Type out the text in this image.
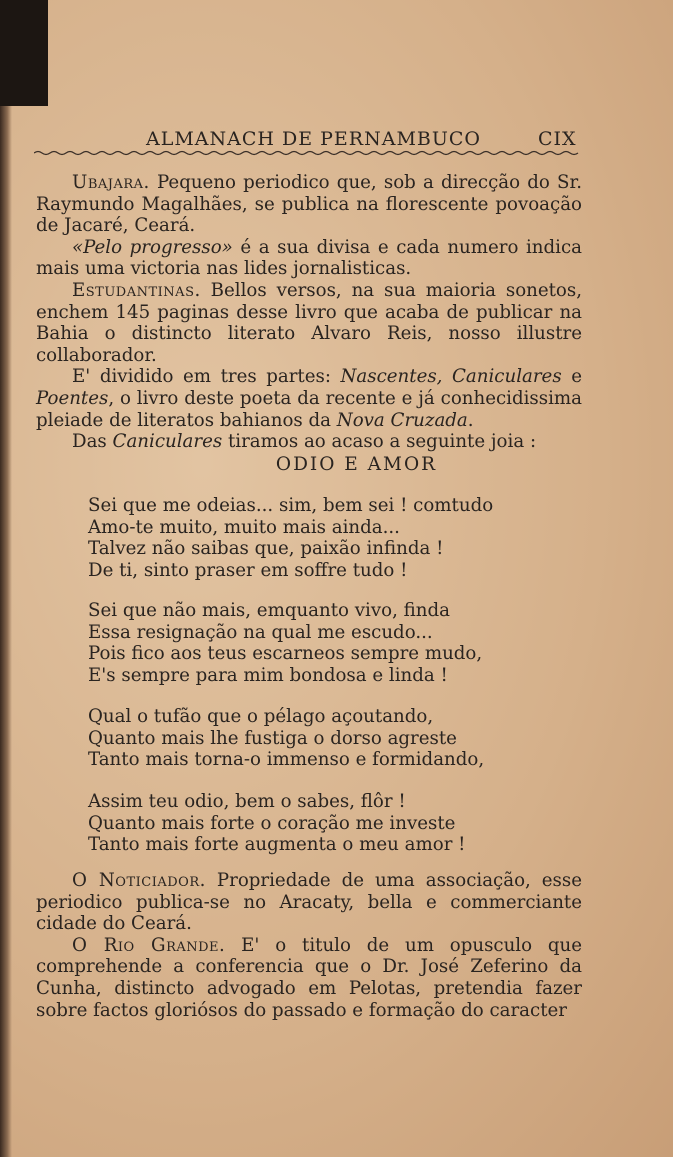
ALMANACH DE PERNAMBUCO	CIX

Ubajara. Pequeno periodico que, sob a direcção do Sr. Raymundo Magalhães, se publica na florescente povoação de Jacaré, Ceará.

«Pelo progresso» é a sua divisa e cada numero indica mais uma victoria nas lides jornalisticas.

Estudantinas. Bellos versos, na sua maioria sonetos, enchem 145 paginas desse livro que acaba de publicar na Bahia o distincto literato Alvaro Reis, nosso illustre collaborador.

E' dividido em tres partes: Nascentes, Caniculares e Poentes, o livro deste poeta da recente e já conhecidissima pleiade de literatos bahianos da Nova Cruzada.

Das Caniculares tiramos ao acaso a seguinte joia :

ODIO E AMOR
Sei que me odeias... sim, bem sei ! comtudo
Amo-te muito, muito mais ainda...
Talvez não saibas que, paixão infinda !
De ti, sinto praser em soffre tudo !
Sei que não mais, emquanto vivo, finda
Essa resignação na qual me escudo...
Pois fico aos teus escarneos sempre mudo,
E's sempre para mim bondosa e linda !
Qual o tufão que o pélago açoutando,
Quanto mais lhe fustiga o dorso agreste
Tanto mais torna-o immenso e formidando,
Assim teu odio, bem o sabes, flôr !
Quanto mais forte o coração me investe
Tanto mais forte augmenta o meu amor !

O Noticiador. Propriedade de uma associação, esse periodico publica-se no Aracaty, bella e commerciante cidade do Ceará.

O Rio Grande. E' o titulo de um opusculo que comprehende a conferencia que o Dr. José Zeferino da Cunha, distincto advogado em Pelotas, pretendia fazer sobre factos gloriósos do passado e formação do caracter
